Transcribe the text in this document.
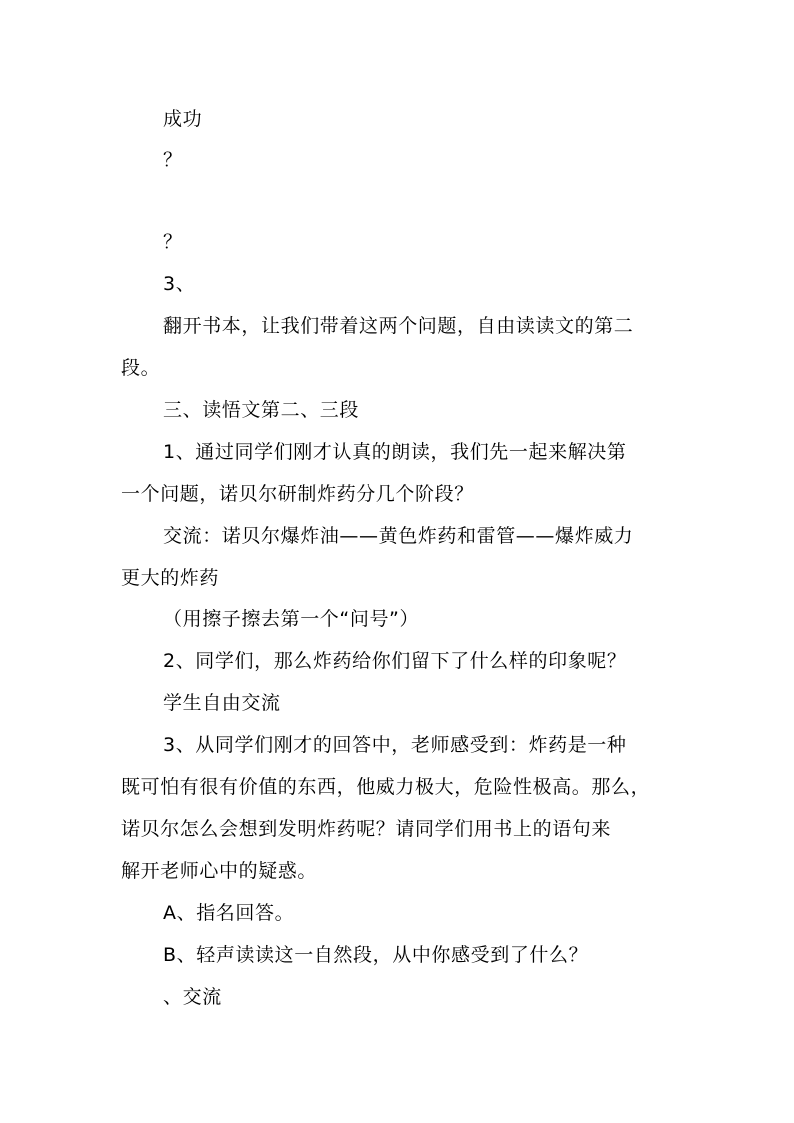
成功
？
？
3、
翻开书本，让我们带着这两个问题，自由读读文的第二
段。
三、读悟文第二、三段
1、通过同学们刚才认真的朗读，我们先一起来解决第
一个问题，诺贝尔研制炸药分几个阶段？
交流：诺贝尔爆炸油——黄色炸药和雷管——爆炸威力
更大的炸药
（用擦子擦去第一个“问号”）
2、同学们，那么炸药给你们留下了什么样的印象呢？
学生自由交流
3、从同学们刚才的回答中，老师感受到：炸药是一种
既可怕有很有价值的东西，他威力极大，危险性极高。那么，
诺贝尔怎么会想到发明炸药呢？请同学们用书上的语句来
解开老师心中的疑惑。
A、指名回答。
B、轻声读读这一自然段，从中你感受到了什么？
、交流
